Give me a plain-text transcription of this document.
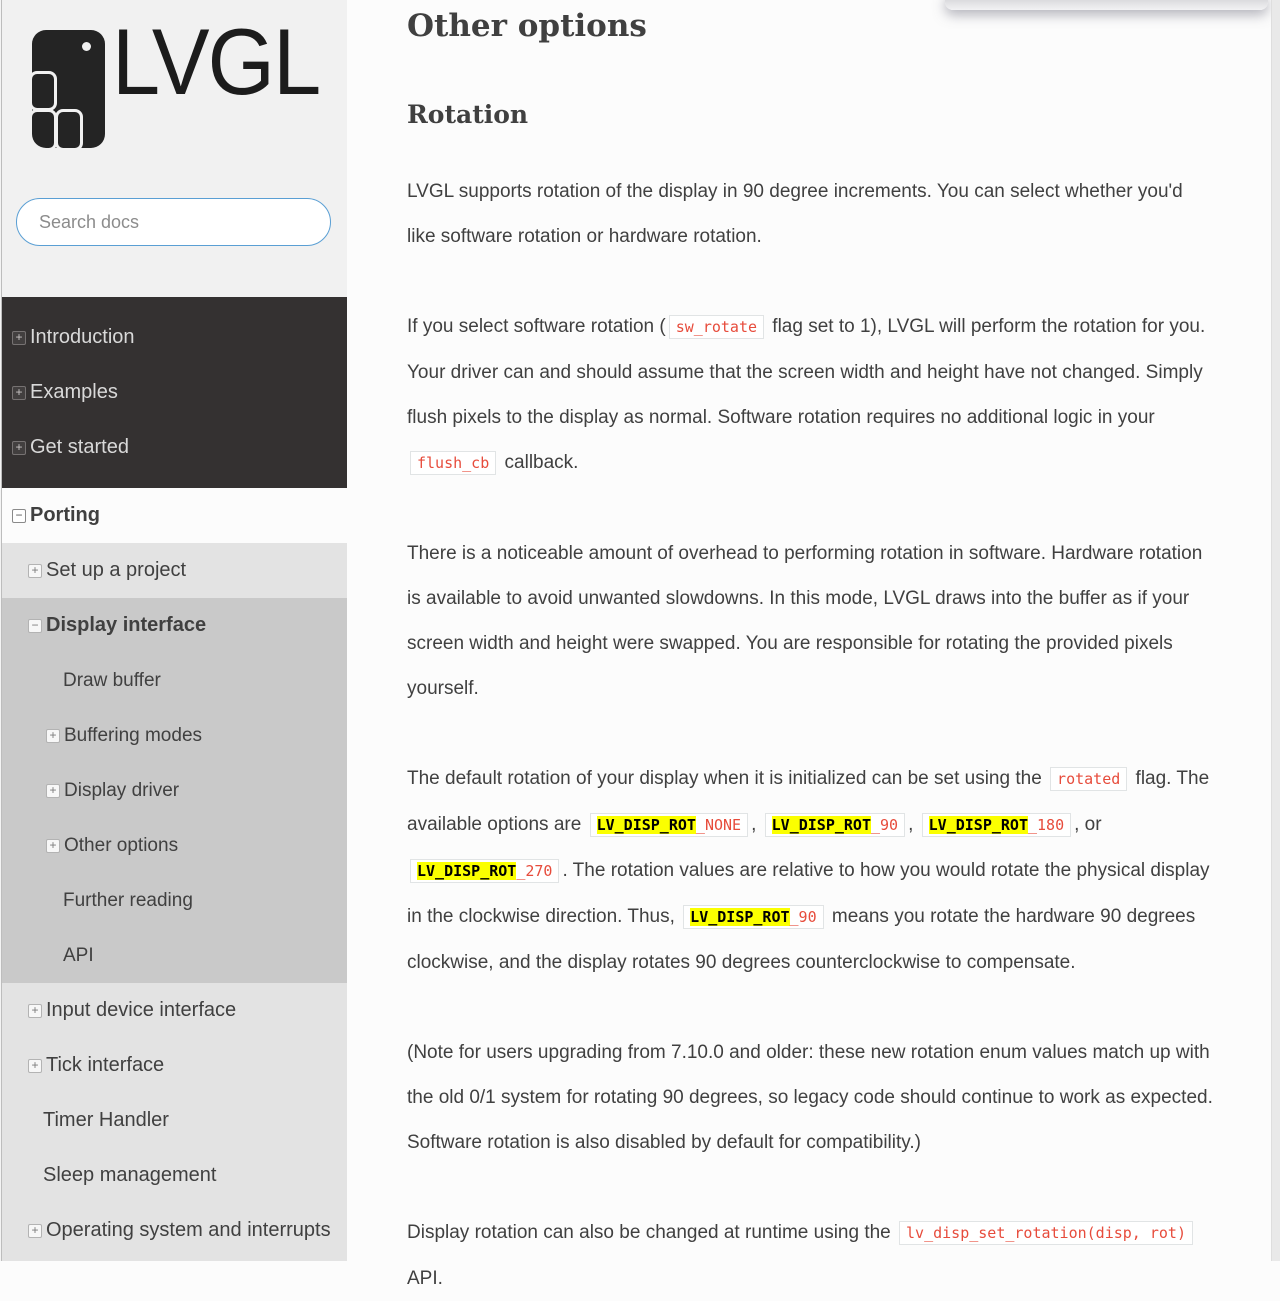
LVGL
Search docs
+ Introduction
+ Examples
+ Get started
− Porting
+ Set up a project
− Display interface
Draw buffer
+ Buffering modes
+ Display driver
+ Other options
Further reading
API
+ Input device interface
+ Tick interface
Timer Handler
Sleep management
+ Operating system and interrupts
Other options
Rotation

LVGL supports rotation of the display in 90 degree increments. You can select whether you'd like software rotation or hardware rotation.

If you select software rotation ( sw_rotate flag set to 1), LVGL will perform the rotation for you. Your driver can and should assume that the screen width and height have not changed. Simply flush pixels to the display as normal. Software rotation requires no additional logic in your flush_cb callback.

There is a noticeable amount of overhead to performing rotation in software. Hardware rotation is available to avoid unwanted slowdowns. In this mode, LVGL draws into the buffer as if your screen width and height were swapped. You are responsible for rotating the provided pixels yourself.

The default rotation of your display when it is initialized can be set using the rotated flag. The available options are LV_DISP_ROT_NONE , LV_DISP_ROT_90 , LV_DISP_ROT_180 , or LV_DISP_ROT_270 . The rotation values are relative to how you would rotate the physical display in the clockwise direction. Thus, LV_DISP_ROT_90 means you rotate the hardware 90 degrees clockwise, and the display rotates 90 degrees counterclockwise to compensate.

(Note for users upgrading from 7.10.0 and older: these new rotation enum values match up with the old 0/1 system for rotating 90 degrees, so legacy code should continue to work as expected. Software rotation is also disabled by default for compatibility.)

Display rotation can also be changed at runtime using the lv_disp_set_rotation(disp, rot) API.
